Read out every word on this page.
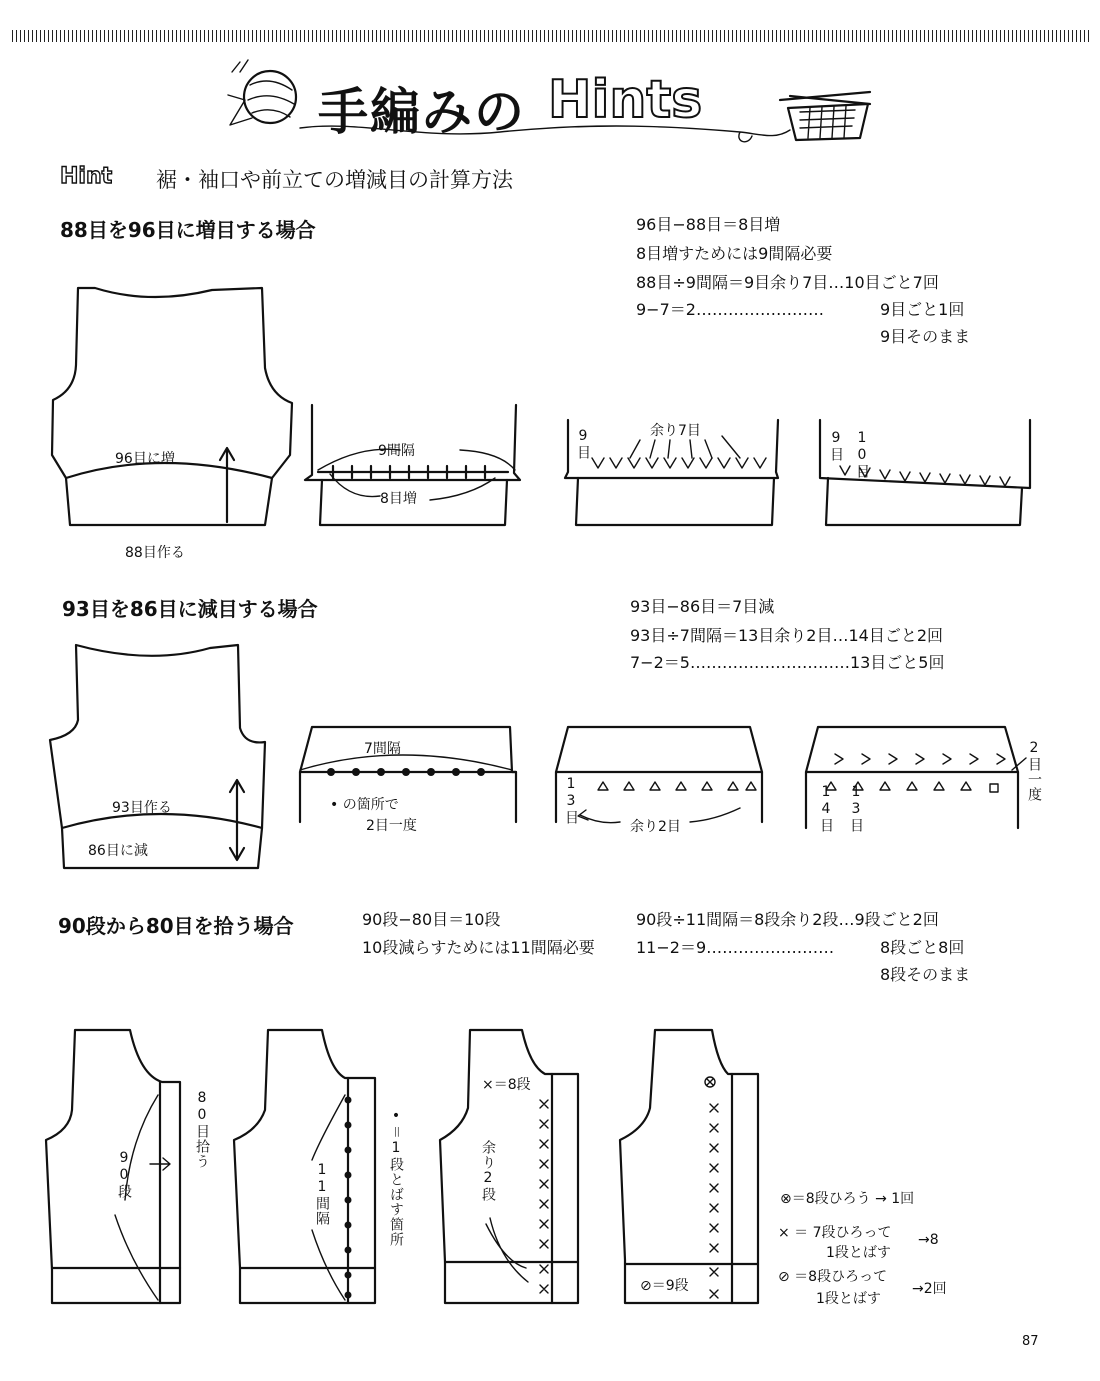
手編みの Hints
Hint 裾・袖口や前立ての増減目の計算方法
88目を96目に増目する場合	96目−88目＝8目増
8目増すためには9間隔必要
88目÷9間隔＝9目余り7目…10目ごと7回
9−7＝2……………………	9目ごと1回
9目そのまま
96目に増
88目作る
9間隔
8目増
余り7目
9目	9目 10目
93目を86目に減目する場合	93目−86目＝7目減
93目÷7間隔＝13目余り2目…14目ごと2回
7−2＝5…………………………13目ごと5回
93目作る
86目に減
7間隔
• の箇所で
2目一度
13目
余り2目	14目 13目
2目一度
90段から80目を拾う場合	90段−80目＝10段
10段減らすためには11間隔必要
90段÷11間隔＝8段余り2段…9段ごと2回
11−2＝9……………………	8段ごと8回
8段そのまま
90段
80目拾う
11間隔	•＝1段とばす箇所
×＝8段
余り2段
⊘＝9段
⊗＝8段ひろう → 1回
× ＝ 7段ひろって
1段とばす
→8
⊘ ＝8段ひろって
1段とばす
→2回
87
